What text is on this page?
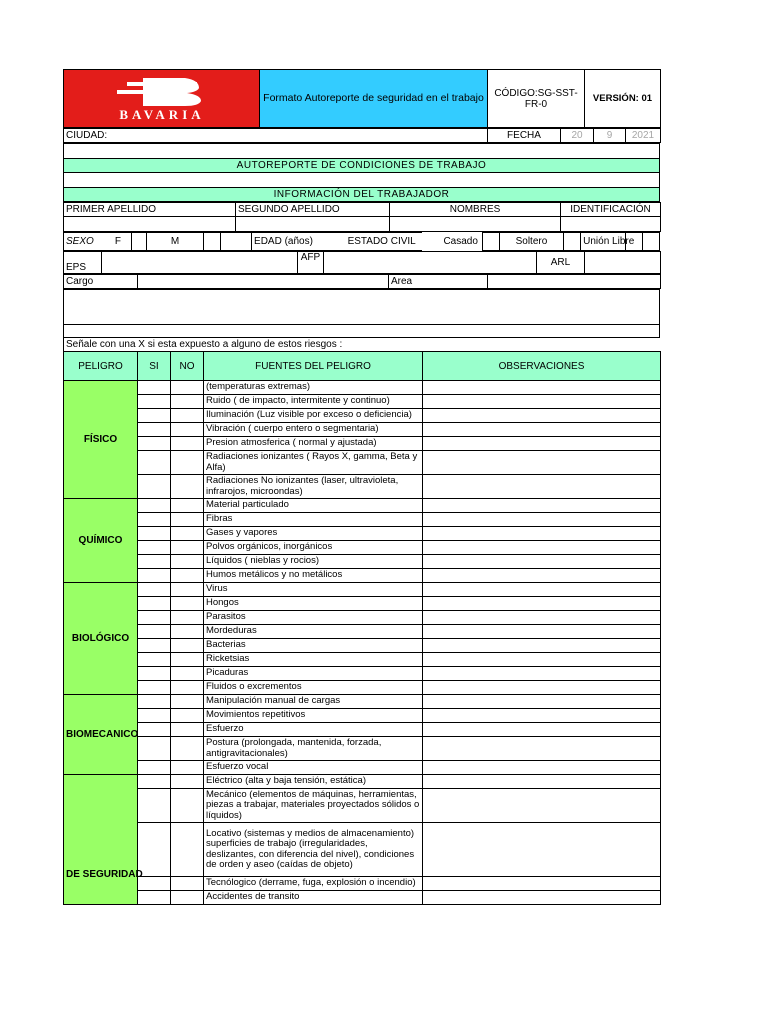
BAVARIA
	Formato Autoreporte de seguridad en el trabajo	CÓDIGO:SG-SST-FR-0	VERSIÓN: 01
CIUDAD:	FECHA	20	9	2021

AUTOREPORTE DE CONDICIONES DE TRABAJO

INFORMACIÓN DEL TRABAJADOR
PRIMER APELLIDO	SEGUNDO APELLIDO	NOMBRES	IDENTIFICACIÓN

SEXO	F		M			EDAD (años)	ESTADO CIVIL		Casado		Soltero		Unión Libre		
EPS		AFP		ARL	
Cargo		Area	

Señale con una X si esta expuesto a alguno de estos riesgos :
PELIGRO	SI	NO	FUENTES DEL PELIGRO	OBSERVACIONES
FÍSICO			(temperaturas extremas)	
			Ruido ( de impacto, intermitente y continuo)	
			Iluminación (Luz visible por exceso o deficiencia)	
			Vibración ( cuerpo entero o segmentaria)	
			Presion atmosferica ( normal y ajustada)	
			Radiaciones ionizantes ( Rayos X, gamma, Beta y Alfa)	
			Radiaciones No ionizantes (laser, ultravioleta, infrarojos, microondas)	
QUÍMICO			Material particulado	
			Fibras	
			Gases y vapores	
			Polvos orgánicos, inorgánicos	
			Líquidos ( nieblas y rocios)	
			Humos metálicos y no metálicos	
BIOLÓGICO			Virus	
			Hongos	
			Parasitos	
			Mordeduras	
			Bacterias	
			Ricketsias	
			Picaduras	
			Fluidos o excrementos	
BIOMECANICO			Manipulación manual de cargas	
			Movimientos repetitivos	
			Esfuerzo	
			Postura (prolongada, mantenida, forzada, antigravitacionales)	
			Esfuerzo vocal	
DE SEGURIDAD			Eléctrico (alta y baja tensión, estática)	
			Mecánico (elementos de máquinas, herramientas, piezas a trabajar, materiales proyectados sólidos o líquidos)	
			Locativo (sistemas y medios de almacenamiento) superficies de trabajo (irregularidades, deslizantes, con diferencia del nivel), condiciones de orden y aseo (caídas de objeto)	
			Tecnólogico (derrame, fuga, explosión o incendio)	
			Accidentes de transito	
